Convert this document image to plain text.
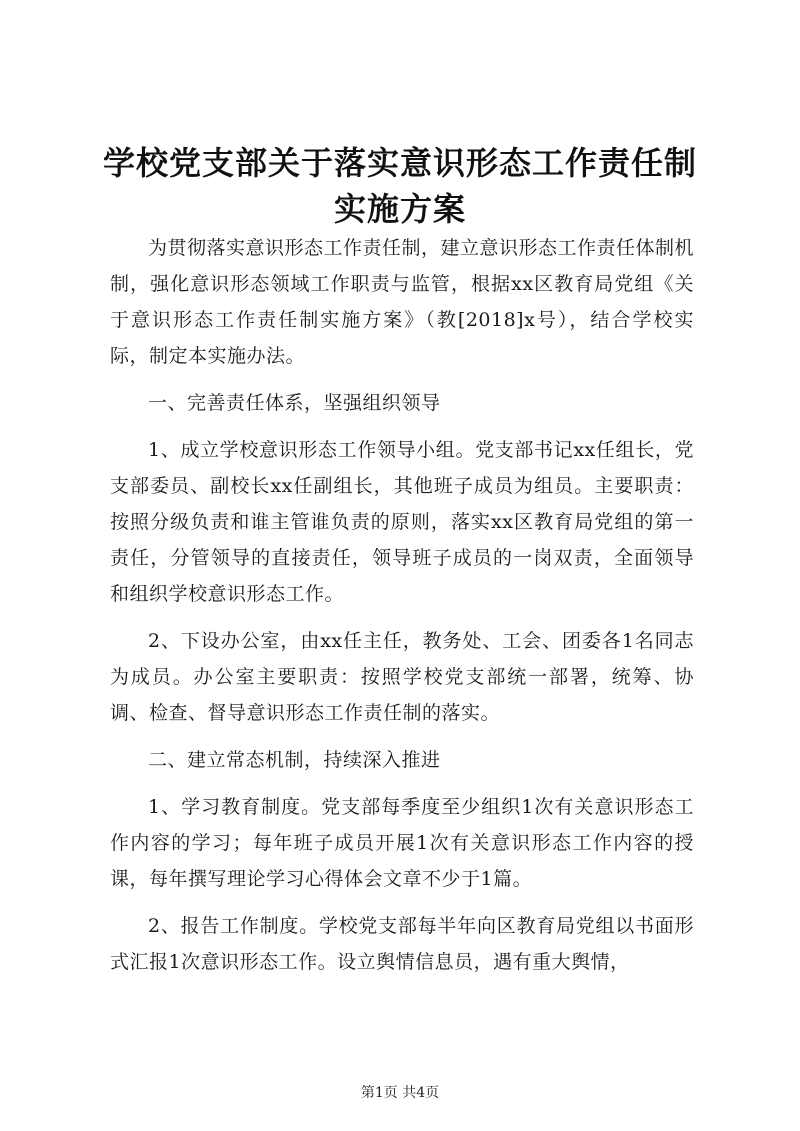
学校党支部关于落实意识形态工作责任制实施方案

为贯彻落实意识形态工作责任制，建立意识形态工作责任体制机制，强化意识形态领域工作职责与监管，根据xx区教育局党组《关于意识形态工作责任制实施方案》（教[2018]x号），结合学校实际，制定本实施办法。

一、完善责任体系，坚强组织领导

1、成立学校意识形态工作领导小组。党支部书记xx任组长，党支部委员、副校长xx任副组长，其他班子成员为组员。主要职责：按照分级负责和谁主管谁负责的原则，落实xx区教育局党组的第一责任，分管领导的直接责任，领导班子成员的一岗双责，全面领导和组织学校意识形态工作。

2、下设办公室，由xx任主任，教务处、工会、团委各1名同志为成员。办公室主要职责：按照学校党支部统一部署，统筹、协调、检查、督导意识形态工作责任制的落实。

二、建立常态机制，持续深入推进

1、学习教育制度。党支部每季度至少组织1次有关意识形态工作内容的学习；每年班子成员开展1次有关意识形态工作内容的授课，每年撰写理论学习心得体会文章不少于1篇。

2、报告工作制度。学校党支部每半年向区教育局党组以书面形式汇报1次意识形态工作。设立舆情信息员，遇有重大舆情，

第1页 共4页
